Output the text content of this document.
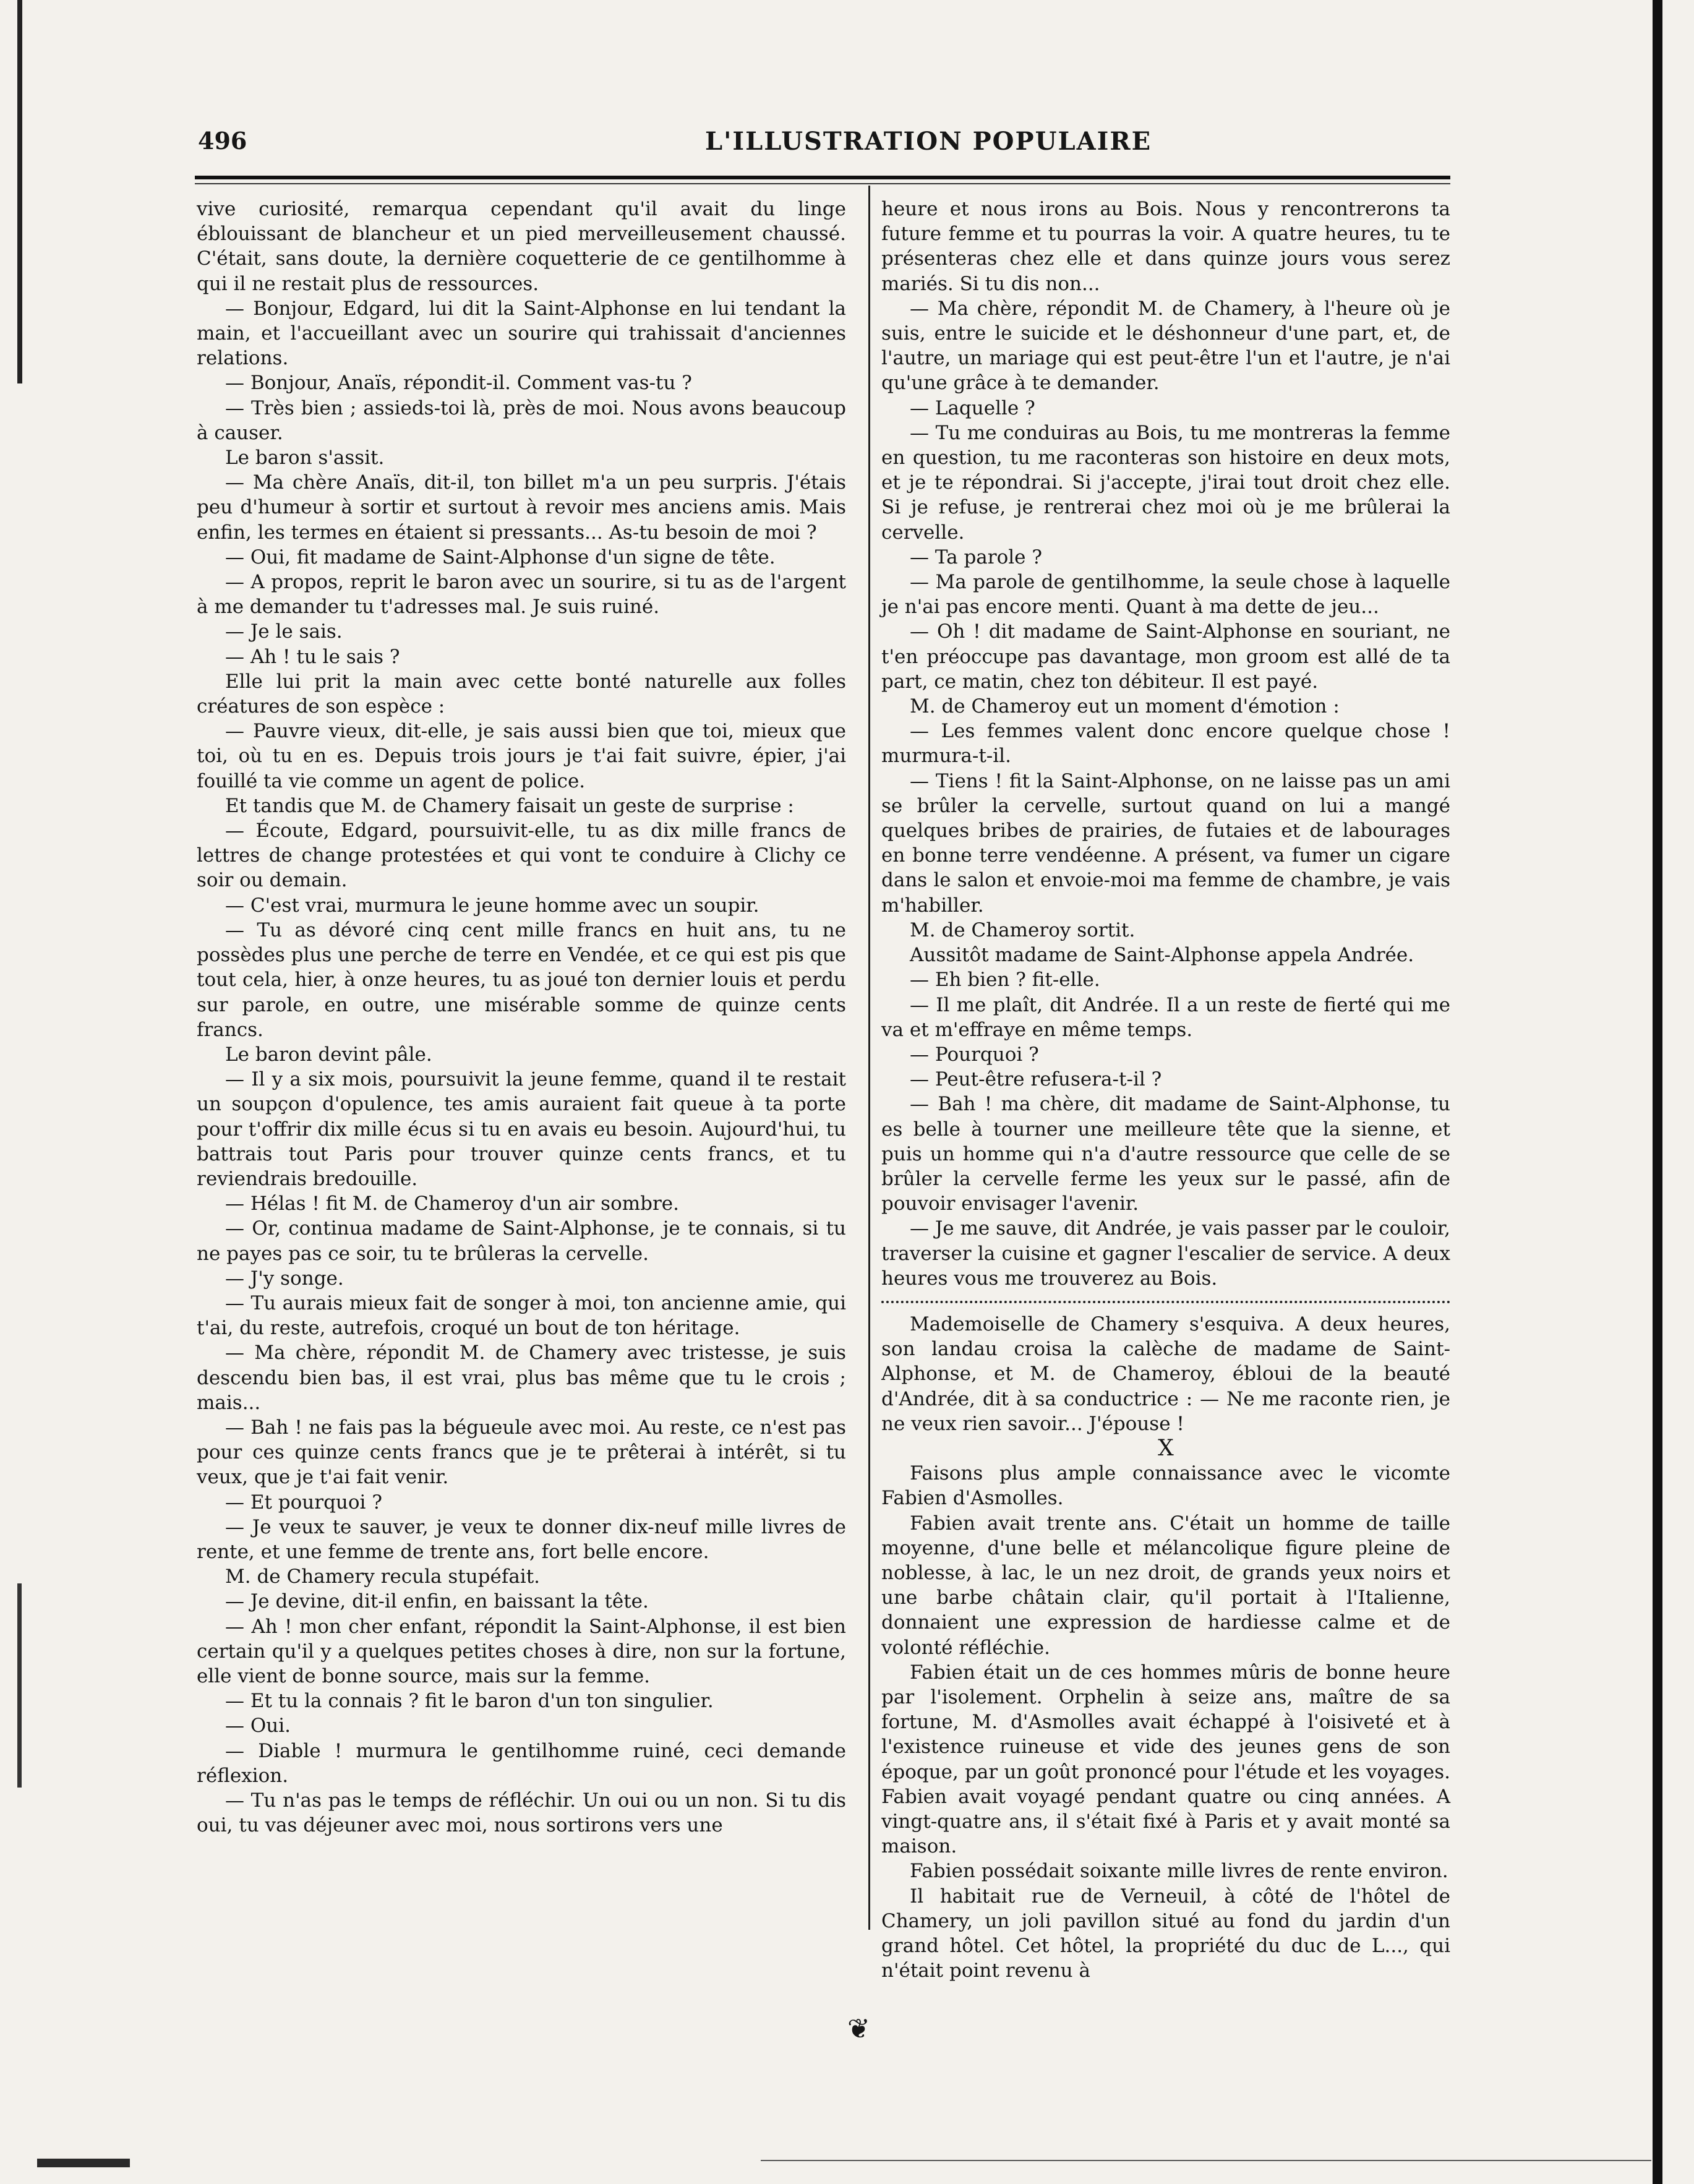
496	L'ILLUSTRATION POPULAIRE

vive curiosité, remarqua cependant qu'il avait du linge éblouissant de blancheur et un pied merveilleusement chaussé. C'était, sans doute, la dernière coquetterie de ce gentilhomme à qui il ne restait plus de ressources.

— Bonjour, Edgard, lui dit la Saint-Alphonse en lui tendant la main, et l'accueillant avec un sourire qui trahissait d'anciennes relations.

— Bonjour, Anaïs, répondit-il. Comment vas-tu ?

— Très bien ; assieds-toi là, près de moi. Nous avons beaucoup à causer.

Le baron s'assit.

— Ma chère Anaïs, dit-il, ton billet m'a un peu surpris. J'étais peu d'humeur à sortir et surtout à revoir mes anciens amis. Mais enfin, les termes en étaient si pressants... As-tu besoin de moi ?

— Oui, fit madame de Saint-Alphonse d'un signe de tête.

— A propos, reprit le baron avec un sourire, si tu as de l'argent à me demander tu t'adresses mal. Je suis ruiné.

— Je le sais.

— Ah ! tu le sais ?

Elle lui prit la main avec cette bonté naturelle aux folles créatures de son espèce :

— Pauvre vieux, dit-elle, je sais aussi bien que toi, mieux que toi, où tu en es. Depuis trois jours je t'ai fait suivre, épier, j'ai fouillé ta vie comme un agent de police.

Et tandis que M. de Chamery faisait un geste de surprise :

— Écoute, Edgard, poursuivit-elle, tu as dix mille francs de lettres de change protestées et qui vont te conduire à Clichy ce soir ou demain.

— C'est vrai, murmura le jeune homme avec un soupir.

— Tu as dévoré cinq cent mille francs en huit ans, tu ne possèdes plus une perche de terre en Vendée, et ce qui est pis que tout cela, hier, à onze heures, tu as joué ton dernier louis et perdu sur parole, en outre, une misérable somme de quinze cents francs.

Le baron devint pâle.

— Il y a six mois, poursuivit la jeune femme, quand il te restait un soupçon d'opulence, tes amis auraient fait queue à ta porte pour t'offrir dix mille écus si tu en avais eu besoin. Aujourd'hui, tu battrais tout Paris pour trouver quinze cents francs, et tu reviendrais bredouille.

— Hélas ! fit M. de Chameroy d'un air sombre.

— Or, continua madame de Saint-Alphonse, je te connais, si tu ne payes pas ce soir, tu te brûleras la cervelle.

— J'y songe.

— Tu aurais mieux fait de songer à moi, ton ancienne amie, qui t'ai, du reste, autrefois, croqué un bout de ton héritage.

— Ma chère, répondit M. de Chamery avec tristesse, je suis descendu bien bas, il est vrai, plus bas même que tu le crois ; mais...

— Bah ! ne fais pas la bégueule avec moi. Au reste, ce n'est pas pour ces quinze cents francs que je te prêterai à intérêt, si tu veux, que je t'ai fait venir.

— Et pourquoi ?

— Je veux te sauver, je veux te donner dix-neuf mille livres de rente, et une femme de trente ans, fort belle encore.

M. de Chamery recula stupéfait.

— Je devine, dit-il enfin, en baissant la tête.

— Ah ! mon cher enfant, répondit la Saint-Alphonse, il est bien certain qu'il y a quelques petites choses à dire, non sur la fortune, elle vient de bonne source, mais sur la femme.

— Et tu la connais ? fit le baron d'un ton singulier.

— Oui.

— Diable ! murmura le gentilhomme ruiné, ceci demande réflexion.

— Tu n'as pas le temps de réfléchir. Un oui ou un non. Si tu dis oui, tu vas déjeuner avec moi, nous sortirons vers une

heure et nous irons au Bois. Nous y rencontrerons ta future femme et tu pourras la voir. A quatre heures, tu te présenteras chez elle et dans quinze jours vous serez mariés. Si tu dis non...

— Ma chère, répondit M. de Chamery, à l'heure où je suis, entre le suicide et le déshonneur d'une part, et, de l'autre, un mariage qui est peut-être l'un et l'autre, je n'ai qu'une grâce à te demander.

— Laquelle ?

— Tu me conduiras au Bois, tu me montreras la femme en question, tu me raconteras son histoire en deux mots, et je te répondrai. Si j'accepte, j'irai tout droit chez elle. Si je refuse, je rentrerai chez moi où je me brûlerai la cervelle.

— Ta parole ?

— Ma parole de gentilhomme, la seule chose à laquelle je n'ai pas encore menti. Quant à ma dette de jeu...

— Oh ! dit madame de Saint-Alphonse en souriant, ne t'en préoccupe pas davantage, mon groom est allé de ta part, ce matin, chez ton débiteur. Il est payé.

M. de Chameroy eut un moment d'émotion :

— Les femmes valent donc encore quelque chose ! murmura-t-il.

— Tiens ! fit la Saint-Alphonse, on ne laisse pas un ami se brûler la cervelle, surtout quand on lui a mangé quelques bribes de prairies, de futaies et de labourages en bonne terre vendéenne. A présent, va fumer un cigare dans le salon et envoie-moi ma femme de chambre, je vais m'habiller.

M. de Chameroy sortit.

Aussitôt madame de Saint-Alphonse appela Andrée.

— Eh bien ? fit-elle.

— Il me plaît, dit Andrée. Il a un reste de fierté qui me va et m'effraye en même temps.

— Pourquoi ?

— Peut-être refusera-t-il ?

— Bah ! ma chère, dit madame de Saint-Alphonse, tu es belle à tourner une meilleure tête que la sienne, et puis un homme qui n'a d'autre ressource que celle de se brûler la cervelle ferme les yeux sur le passé, afin de pouvoir envisager l'avenir.

— Je me sauve, dit Andrée, je vais passer par le couloir, traverser la cuisine et gagner l'escalier de service. A deux heures vous me trouverez au Bois.

Mademoiselle de Chamery s'esquiva. A deux heures, son landau croisa la calèche de madame de Saint-Alphonse, et M. de Chameroy, ébloui de la beauté d'Andrée, dit à sa conductrice : — Ne me raconte rien, je ne veux rien savoir... J'épouse !

X

Faisons plus ample connaissance avec le vicomte Fabien d'Asmolles.

Fabien avait trente ans. C'était un homme de taille moyenne, d'une belle et mélancolique figure pleine de noblesse, à lac, le un nez droit, de grands yeux noirs et une barbe châtain clair, qu'il portait à l'Italienne, donnaient une expression de hardiesse calme et de volonté réfléchie.

Fabien était un de ces hommes mûris de bonne heure par l'isolement. Orphelin à seize ans, maître de sa fortune, M. d'Asmolles avait échappé à l'oisiveté et à l'existence ruineuse et vide des jeunes gens de son époque, par un goût prononcé pour l'étude et les voyages. Fabien avait voyagé pendant quatre ou cinq années. A vingt-quatre ans, il s'était fixé à Paris et y avait monté sa maison.

Fabien possédait soixante mille livres de rente environ.

Il habitait rue de Verneuil, à côté de l'hôtel de Chamery, un joli pavillon situé au fond du jardin d'un grand hôtel. Cet hôtel, la propriété du duc de L..., qui n'était point revenu à

❦
